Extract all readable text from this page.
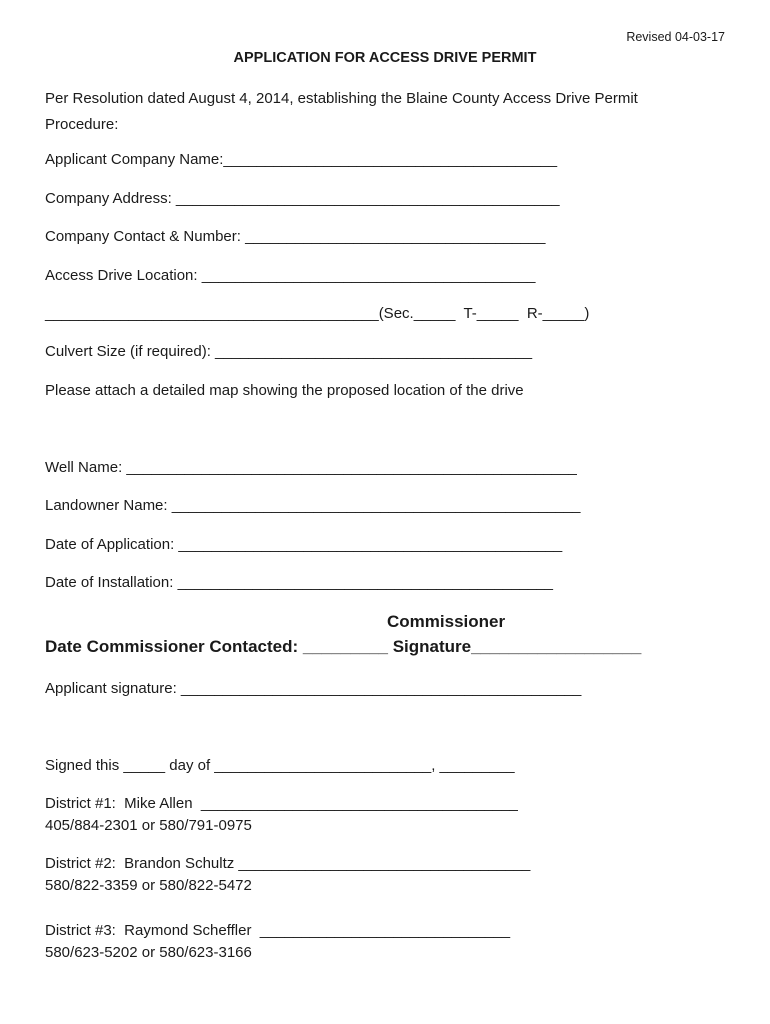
Revised 04-03-17
APPLICATION FOR ACCESS DRIVE PERMIT
Per Resolution dated August 4, 2014, establishing the Blaine County Access Drive Permit Procedure:
Applicant Company Name:________________________________________
Company Address: ______________________________________________
Company Contact & Number: ____________________________________
Access Drive Location: ________________________________________
________________________________________(Sec._____  T-_____  R-_____)
Culvert Size (if required): ______________________________________
Please attach a detailed map showing the proposed location of the drive
Well Name: ______________________________________________________
Landowner Name: _________________________________________________
Date of Application: ______________________________________________
Date of Installation: _____________________________________________
Commissioner
Date Commissioner Contacted: _________ Signature__________________
Applicant signature: ________________________________________________
Signed this _____ day of __________________________, _________
District #1:  Mike Allen  ______________________________________
405/884-2301 or 580/791-0975
District #2:  Brandon Schultz ___________________________________
580/822-3359 or 580/822-5472
District #3:  Raymond Scheffler  ______________________________
580/623-5202 or 580/623-3166
